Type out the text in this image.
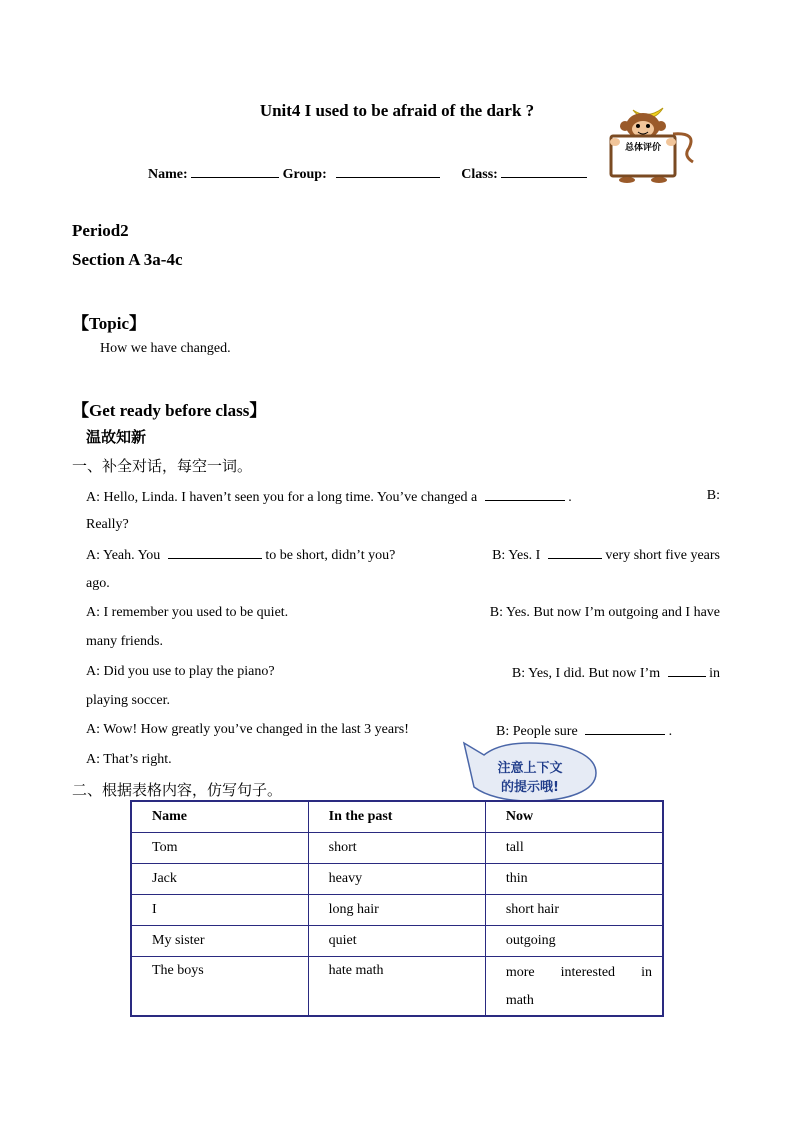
Unit4 I used to be afraid of the dark ?
总体评价
Name:	Group:	Class:
Period2
Section A 3a-4c
【Topic】
How we have changed.
【Get ready before class】
温故知新
一、补全对话，每空一词。
A: Hello, Linda. I haven’t seen you for a long time. You’ve changed a	.	B:
Really?
A: Yeah. You	to be short, didn’t you?	B: Yes. I	very short five years
ago.
A: I remember you used to be quiet.	B: Yes. But now I’m outgoing and I have
many friends.
A: Did you use to play the piano?	B: Yes, I did. But now I’m	in
playing soccer.
A: Wow! How greatly you’ve changed in the last 3 years!	B: People sure	.
A: That’s right.
注意上下文
的提示哦!
二、根据表格内容，仿写句子。
Name	In the past	Now
Tom	short	tall
Jack	heavy	thin
I	long hair	short hair
My sister	quiet	outgoing
The boys	hate math	more interested in
math
